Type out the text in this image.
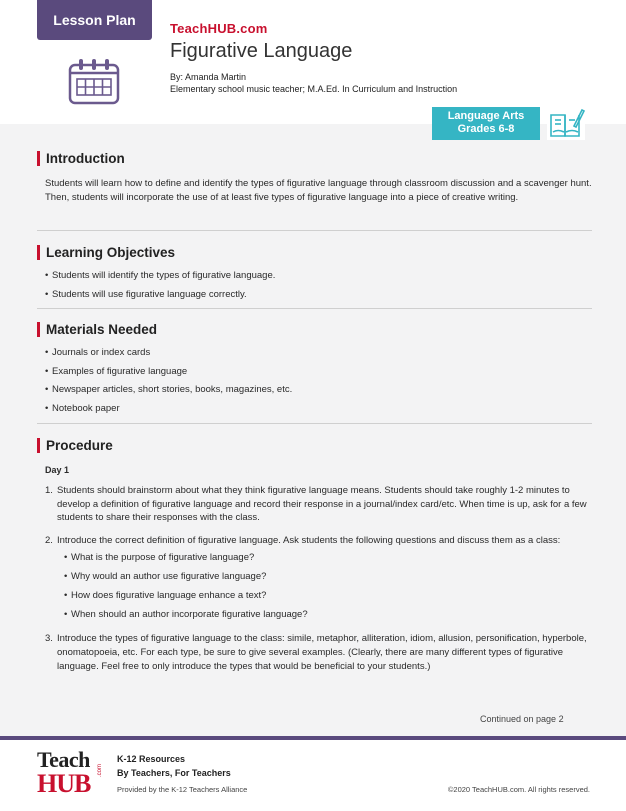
Lesson Plan
TeachHUB.com
Figurative Language
By: Amanda Martin
Elementary school music teacher; M.A.Ed. In Curriculum and Instruction
Language Arts
Grades 6-8
Introduction
Students will learn how to define and identify the types of figurative language through classroom discussion and a scavenger hunt. Then, students will incorporate the use of at least five types of figurative language into a piece of creative writing.
Learning Objectives
• Students will identify the types of figurative language.
• Students will use figurative language correctly.
Materials Needed
• Journals or index cards
• Examples of figurative language
• Newspaper articles, short stories, books, magazines, etc.
• Notebook paper
Procedure
Day 1
1. Students should brainstorm about what they think figurative language means. Students should take roughly 1-2 minutes to develop a definition of figurative language and record their response in a journal/index card/etc. When time is up, ask for a few students to share their responses with the class.
2. Introduce the correct definition of figurative language. Ask students the following questions and discuss them as a class:
• What is the purpose of figurative language?
• Why would an author use figurative language?
• How does figurative language enhance a text?
• When should an author incorporate figurative language?
3. Introduce the types of figurative language to the class: simile, metaphor, alliteration, idiom, allusion, personification, hyperbole, onomatopoeia, etc. For each type, be sure to give several examples. (Clearly, there are many different types of figurative language. Feel free to only introduce the types that would be beneficial to your students.)
Continued on page 2
Teach
HUB	.com
K-12 Resources
By Teachers, For Teachers
Provided by the K-12 Teachers Alliance	©2020 TeachHUB.com. All rights reserved.
